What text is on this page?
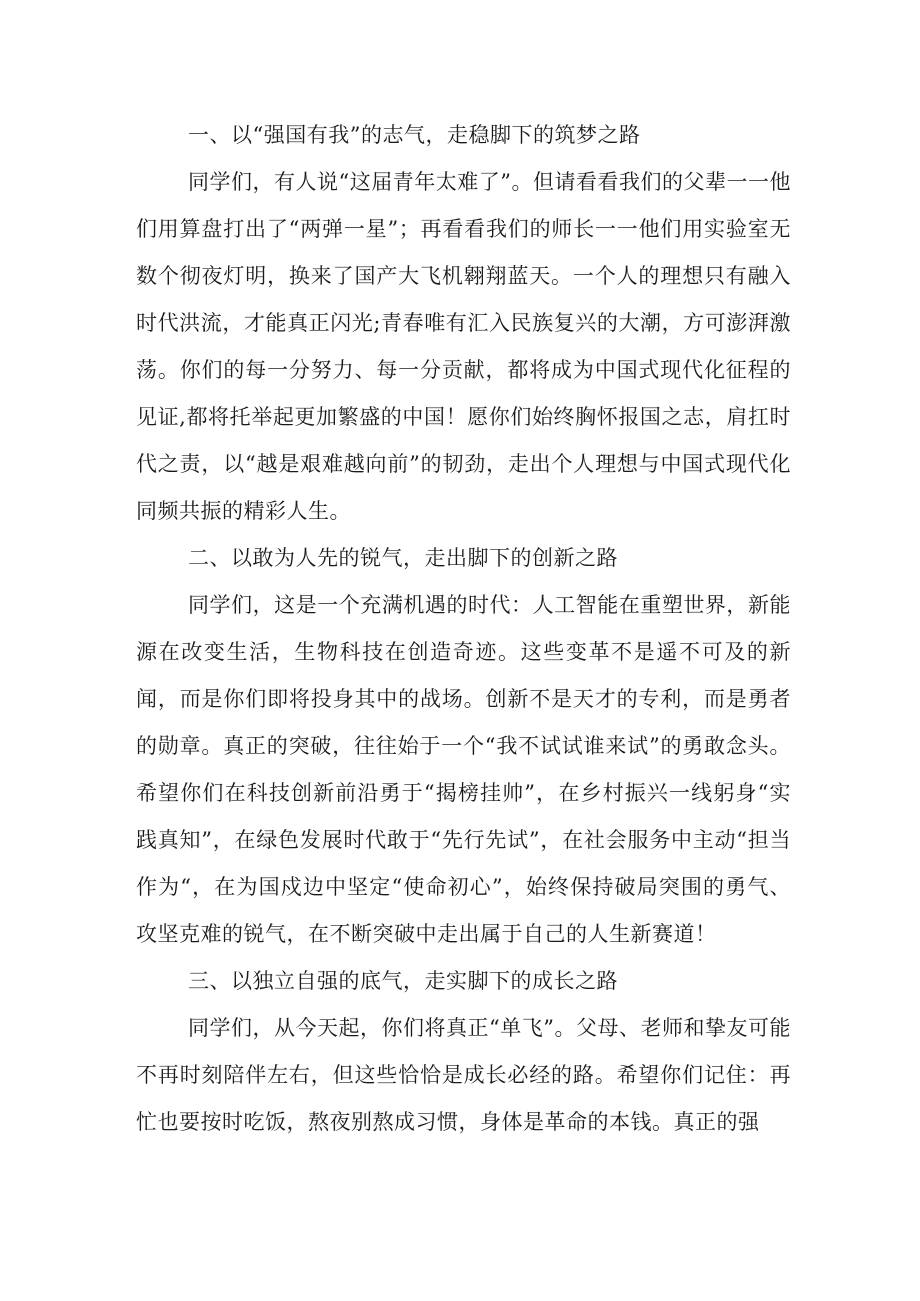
一、以“强国有我”的志气，走稳脚下的筑梦之路

同学们，有人说“这届青年太难了”。但请看看我们的父辈一一他们用算盘打出了“两弹一星”；再看看我们的师长一一他们用实验室无数个彻夜灯明，换来了国产大飞机翱翔蓝天。一个人的理想只有融入时代洪流，才能真正闪光;青春唯有汇入民族复兴的大潮，方可澎湃激荡。你们的每一分努力、每一分贡献，都将成为中国式现代化征程的见证,都将托举起更加繁盛的中国！愿你们始终胸怀报国之志，肩扛时代之责，以“越是艰难越向前”的韧劲，走出个人理想与中国式现代化同频共振的精彩人生。

二、以敢为人先的锐气，走出脚下的创新之路

同学们，这是一个充满机遇的时代：人工智能在重塑世界，新能源在改变生活，生物科技在创造奇迹。这些变革不是遥不可及的新闻，而是你们即将投身其中的战场。创新不是天才的专利，而是勇者的勋章。真正的突破，往往始于一个“我不试试谁来试”的勇敢念头。希望你们在科技创新前沿勇于“揭榜挂帅”，在乡村振兴一线躬身“实践真知”，在绿色发展时代敢于“先行先试”，在社会服务中主动“担当作为“，在为国戍边中坚定“使命初心”，始终保持破局突围的勇气、攻坚克难的锐气，在不断突破中走出属于自己的人生新赛道！

三、以独立自强的底气，走实脚下的成长之路

同学们，从今天起，你们将真正“单飞”。父母、老师和挚友可能不再时刻陪伴左右，但这些恰恰是成长必经的路。希望你们记住：再忙也要按时吃饭，熬夜别熬成习惯，身体是革命的本钱。真正的强
